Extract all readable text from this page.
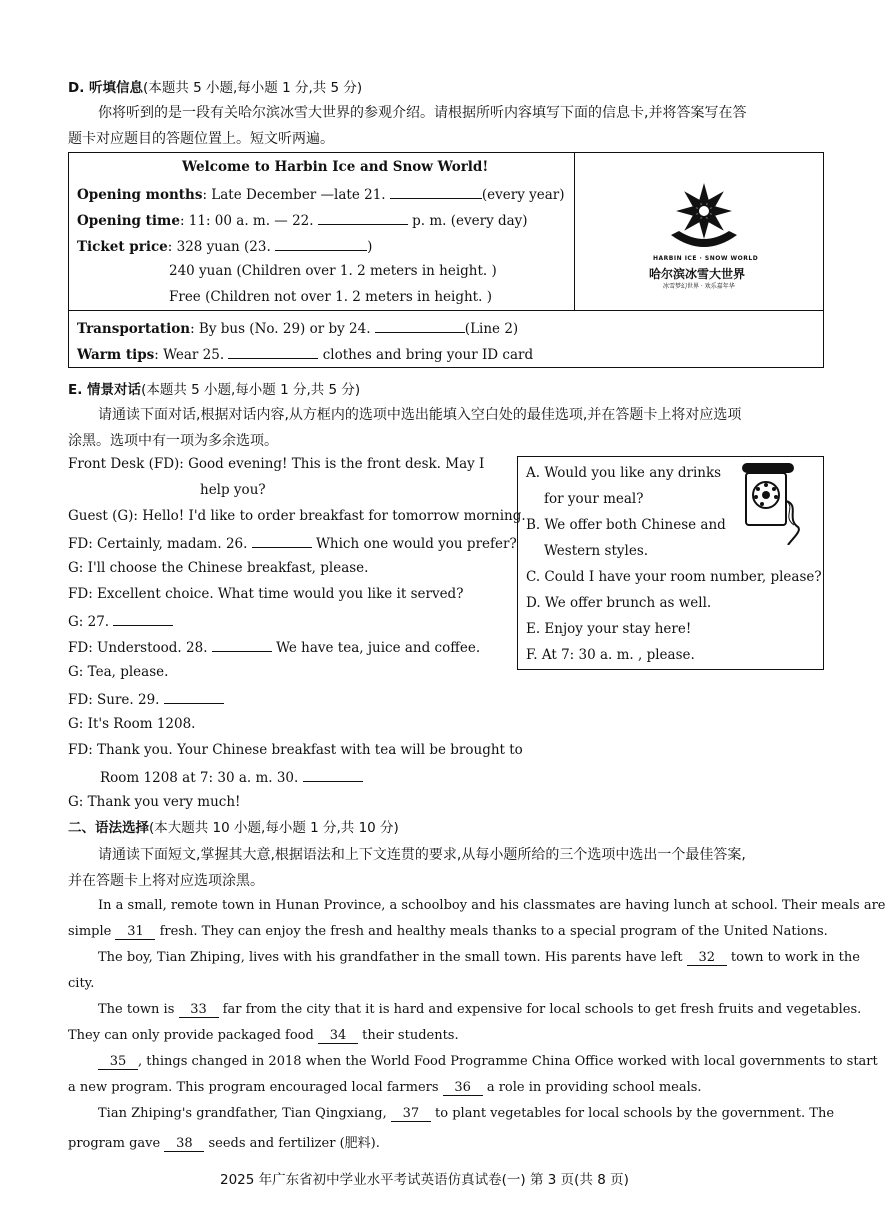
D. 听填信息(本题共 5 小题,每小题 1 分,共 5 分)
你将听到的是一段有关哈尔滨冰雪大世界的参观介绍。请根据所听内容填写下面的信息卡,并将答案写在答
题卡对应题目的答题位置上。短文听两遍。
Welcome to Harbin Ice and Snow World!
Opening months: Late December —late 21.	(every year)
Opening time: 11: 00 a. m. — 22.	p. m. (every day)
Ticket price: 328 yuan (23.	)
240 yuan (Children over 1. 2 meters in height. )
Free (Children not over 1. 2 meters in height. )
Transportation: By bus (No. 29) or by 24.	(Line 2)
Warm tips: Wear 25.	clothes and bring your ID card
HARBIN ICE · SNOW WORLD
哈尔滨冰雪大世界
冰雪梦幻世界 · 欢乐嘉年华
E. 情景对话(本题共 5 小题,每小题 1 分,共 5 分)
请通读下面对话,根据对话内容,从方框内的选项中选出能填入空白处的最佳选项,并在答题卡上将对应选项
涂黑。选项中有一项为多余选项。
Front Desk (FD): Good evening! This is the front desk. May I
help you?
Guest (G): Hello! I'd like to order breakfast for tomorrow morning.
FD: Certainly, madam. 26.	Which one would you prefer?
G: I'll choose the Chinese breakfast, please.
FD: Excellent choice. What time would you like it served?
G: 27.
FD: Understood. 28.	We have tea, juice and coffee.
G: Tea, please.
FD: Sure. 29.
G: It's Room 1208.
FD: Thank you. Your Chinese breakfast with tea will be brought to
Room 1208 at 7: 30 a. m. 30.
G: Thank you very much!
A. Would you like any drinks
for your meal?
B. We offer both Chinese and
Western styles.
C. Could I have your room number, please?
D. We offer brunch as well.
E. Enjoy your stay here!
F. At 7: 30 a. m. , please.
二、语法选择(本大题共 10 小题,每小题 1 分,共 10 分)
请通读下面短文,掌握其大意,根据语法和上下文连贯的要求,从每小题所给的三个选项中选出一个最佳答案,
并在答题卡上将对应选项涂黑。
In a small, remote town in Hunan Province, a schoolboy and his classmates are having lunch at school. Their meals are
simple 31 fresh. They can enjoy the fresh and healthy meals thanks to a special program of the United Nations.
The boy, Tian Zhiping, lives with his grandfather in the small town. His parents have left 32 town to work in the
city.
The town is 33 far from the city that it is hard and expensive for local schools to get fresh fruits and vegetables.
They can only provide packaged food 34 their students.
35 , things changed in 2018 when the World Food Programme China Office worked with local governments to start
a new program. This program encouraged local farmers 36 a role in providing school meals.
Tian Zhiping's grandfather, Tian Qingxiang, 37 to plant vegetables for local schools by the government. The
program gave 38 seeds and fertilizer (肥料).
2025 年广东省初中学业水平考试英语仿真试卷(一) 第 3 页(共 8 页)
